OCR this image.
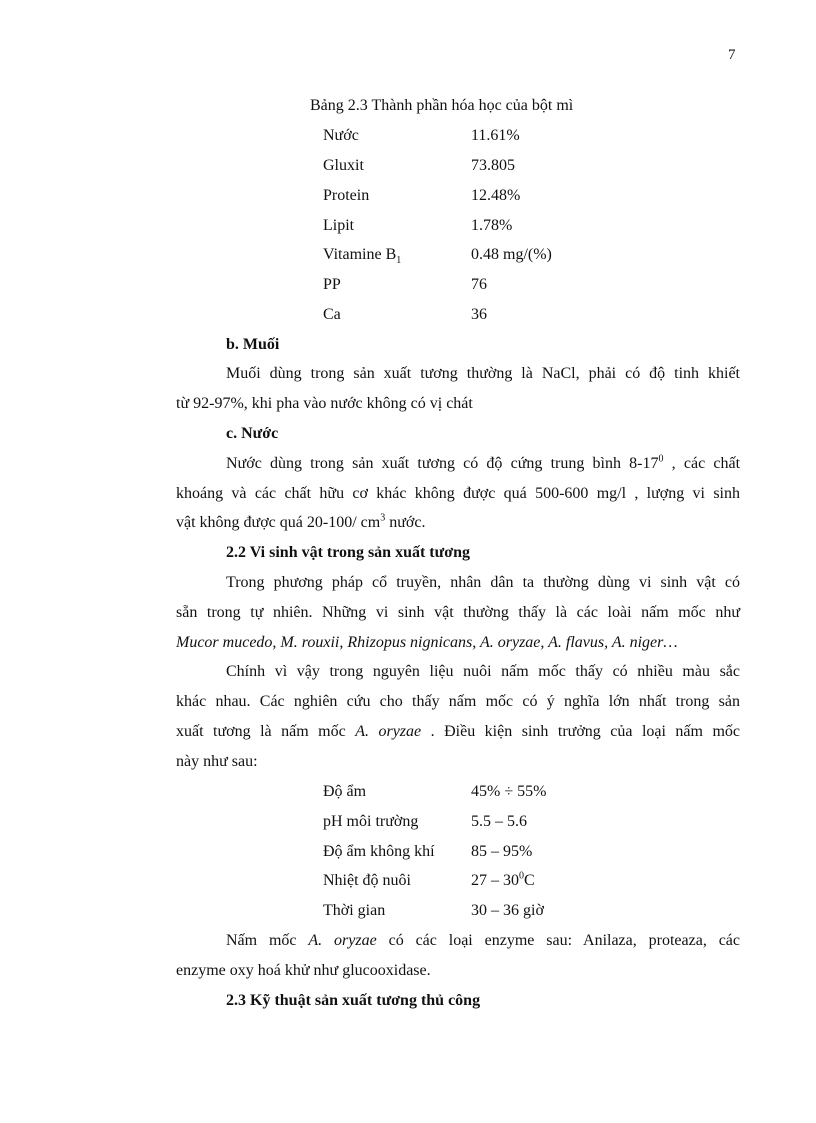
7
Bảng 2.3 Thành phần hóa học của bột mì
Nước	11.61%
Gluxit	73.805
Protein	12.48%
Lipit	1.78%
Vitamine $B_1$	0.48 mg/(%)
PP	76
Ca	36
b. Muối
Muối dùng trong sản xuất tương thường là NaCl, phải có độ tinh khiết
từ 92-97%, khi pha vào nước không có vị chát
c. Nước
Nước dùng trong sản xuất tương có độ cứng trung bình $8-17^0$ , các chất
khoáng và các chất hữu cơ khác không được quá 500-600 mg/l , lượng vi sinh
vật không được quá 20-100/ $cm^3$ nước.
2.2 Vi sinh vật trong sản xuất tương
Trong phương pháp cổ truyền, nhân dân ta thường dùng vi sinh vật có
sẵn trong tự nhiên. Những vi sinh vật thường thấy là các loài nấm mốc như
Mucor mucedo, M. rouxii, Rhizopus nignicans, A. oryzae, A. flavus, A. niger…
Chính vì vậy trong nguyên liệu nuôi nấm mốc thấy có nhiều màu sắc
khác nhau. Các nghiên cứu cho thấy nấm mốc có ý nghĩa lớn nhất trong sản
xuất tương là nấm mốc A. oryzae . Điều kiện sinh trưởng của loại nấm mốc
này như sau:
Độ ẩm	45% ÷ 55%
pH môi trường	5.5 – 5.6
Độ ẩm không khí 85 – 95%
Nhiệt độ nuôi	$27 - 30^0C$
Thời gian	30 – 36 giờ
Nấm mốc A. oryzae có các loại enzyme sau: Anilaza, proteaza, các
enzyme oxy hoá khử như glucooxidase.
2.3 Kỹ thuật sản xuất tương thủ công
